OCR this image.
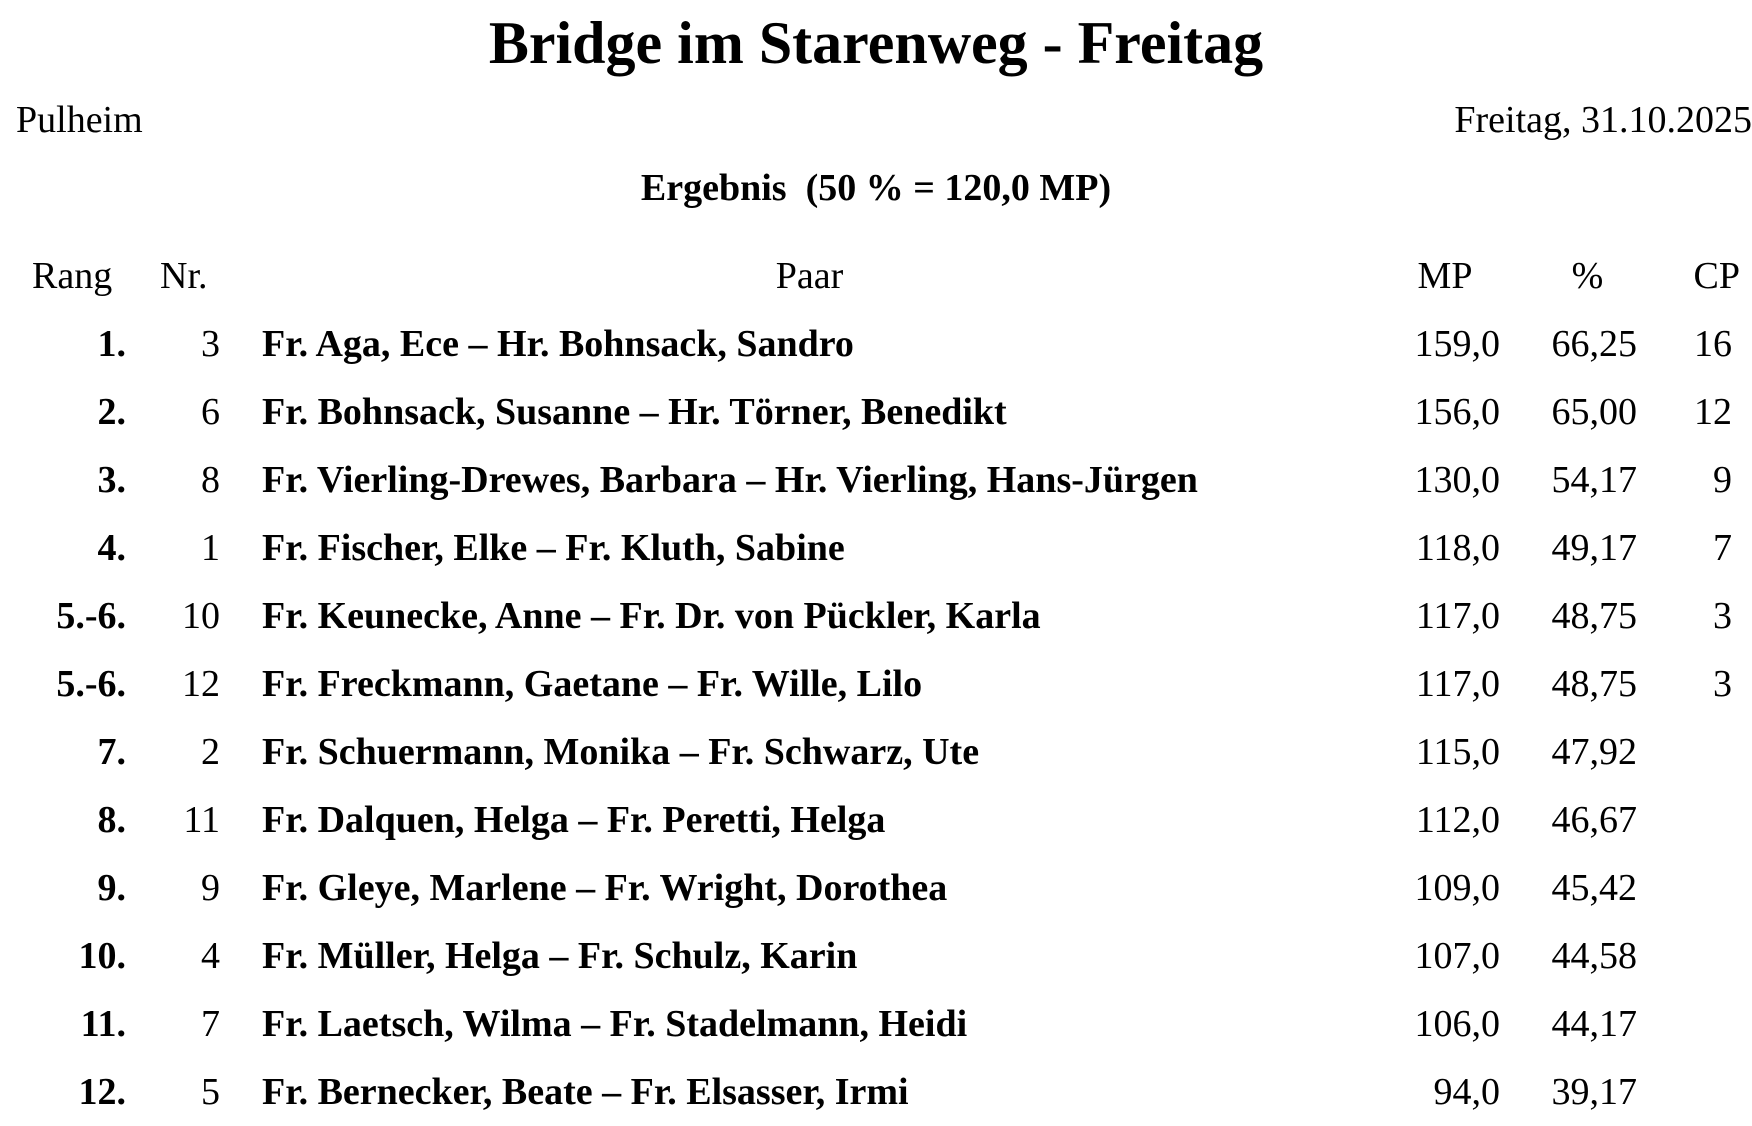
Bridge im Starenweg - Freitag
Pulheim	Freitag, 31.10.2025
Ergebnis  (50 % = 120,0 MP)
Rang	Nr.	Paar	MP	%	CP
1.	3 Fr. Aga, Ece – Hr. Bohnsack, Sandro	159,0	66,25	16
2.	6 Fr. Bohnsack, Susanne – Hr. Törner, Benedikt	156,0	65,00	12
3.	8 Fr. Vierling-Drewes, Barbara – Hr. Vierling, Hans-Jürgen	130,0	54,17	9
4.	1 Fr. Fischer, Elke – Fr. Kluth, Sabine	118,0	49,17	7
5.-6.	10 Fr. Keunecke, Anne – Fr. Dr. von Pückler, Karla	117,0	48,75	3
5.-6.	12 Fr. Freckmann, Gaetane – Fr. Wille, Lilo	117,0	48,75	3
7.	2 Fr. Schuermann, Monika – Fr. Schwarz, Ute	115,0	47,92
8.	11 Fr. Dalquen, Helga – Fr. Peretti, Helga	112,0	46,67
9.	9 Fr. Gleye, Marlene – Fr. Wright, Dorothea	109,0	45,42
10.	4 Fr. Müller, Helga – Fr. Schulz, Karin	107,0	44,58
11.	7 Fr. Laetsch, Wilma – Fr. Stadelmann, Heidi	106,0	44,17
12.	5 Fr. Bernecker, Beate – Fr. Elsasser, Irmi	94,0	39,17
